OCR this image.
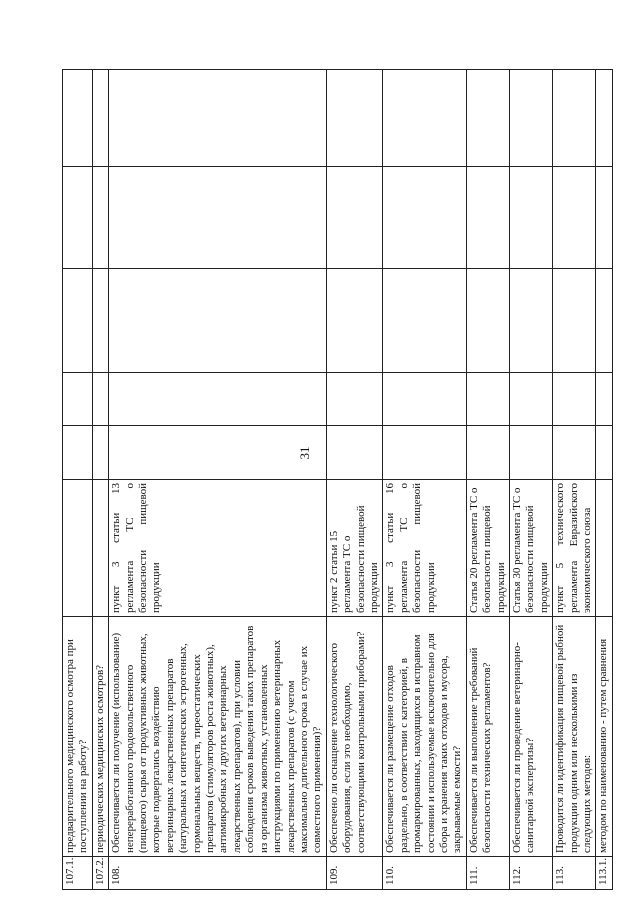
31
107.1.	предварительного медицинского осмотра при поступлении на работу?						
107.2.	периодических медицинских осмотров?						
108.	Обеспечивается ли получение (использование) непереработанного продовольственного (пищевого) сырья от продуктивных животных, которые подвергались воздействию ветеринарных лекарственных препаратов (натуральных и синтетических эстрогенных, гормональных веществ, тиреостатических препаратов (стимуляторов роста животных), антимикробных и других ветеринарных лекарственных препаратов), при условии соблюдения сроков выведения таких препаратов из организма животных, установленных инструкциями по применению ветеринарных лекарственных препаратов (с учетом максимально длительного срока в случае их совместного применения)?	пункт 3 статьи 13 регламента ТС о безопасности пищевой продукции					
109.	Обеспечено ли оснащение технологического оборудования, если это необходимо, соответствующими контрольными приборами?	пункт 2 статьи 15 регламента ТС о безопасности пищевой продукции					
110.	Обеспечивается ли размещение отходов раздельно, в соответствии с категорией, в промаркированных, находящихся в исправном состоянии и используемые исключительно для сбора и хранения таких отходов и мусора, закрываемые емкости?	пункт 3 статьи 16 регламента ТС о безопасности пищевой продукции					
111.	Обеспечивается ли выполнение требований безопасности технических регламентов?	Статья 20 регламента ТС о безопасности пищевой продукции					
112.	Обеспечивается ли проведение ветеринарно-санитарной экспертизы?	Статья 30 регламента ТС о безопасности пищевой продукции					
113.	Проводится ли идентификация пищевой рыбной продукции одним или несколькими из следующих методов:	пункт 5 технического регламента Евразийского экономического союза					
113.1.	методом по наименованию - путем сравнения						
